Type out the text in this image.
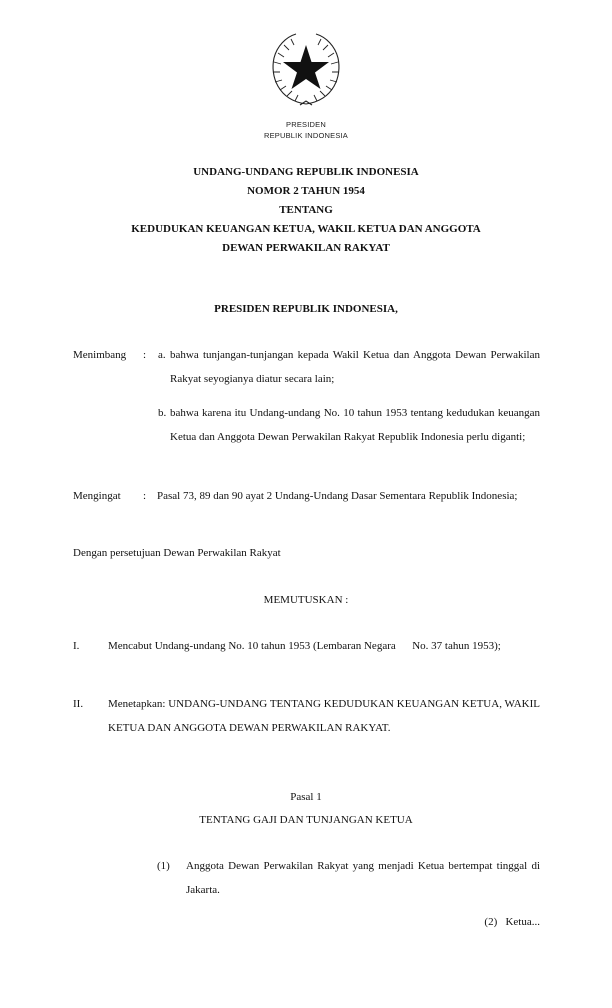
PRESIDEN
REPUBLIK INDONESIA
UNDANG-UNDANG REPUBLIK INDONESIA
NOMOR 2 TAHUN 1954
TENTANG
KEDUDUKAN KEUANGAN KETUA, WAKIL KETUA DAN ANGGOTA
DEWAN PERWAKILAN RAKYAT
PRESIDEN REPUBLIK INDONESIA,
Menimbang : a. bahwa tunjangan-tunjangan kepada Wakil Ketua dan Anggota Dewan Perwakilan Rakyat seyogianya diatur secara lain;
b. bahwa karena itu Undang-undang No. 10 tahun 1953 tentang kedudukan keuangan Ketua dan Anggota Dewan Perwakilan Rakyat Republik Indonesia perlu diganti;
Mengingat : Pasal 73, 89 dan 90 ayat 2 Undang-Undang Dasar Sementara Republik Indonesia;
Dengan persetujuan Dewan Perwakilan Rakyat
MEMUTUSKAN :
I.	Mencabut Undang-undang No. 10 tahun 1953 (Lembaran Negara      No. 37 tahun 1953);
II. Menetapkan: UNDANG-UNDANG TENTANG KEDUDUKAN KEUANGAN KETUA, WAKIL KETUA DAN ANGGOTA DEWAN PERWAKILAN RAKYAT.
Pasal 1
TENTANG GAJI DAN TUNJANGAN KETUA
(1) Anggota Dewan Perwakilan Rakyat yang menjadi Ketua bertempat tinggal di Jakarta.
(2) Ketua...
